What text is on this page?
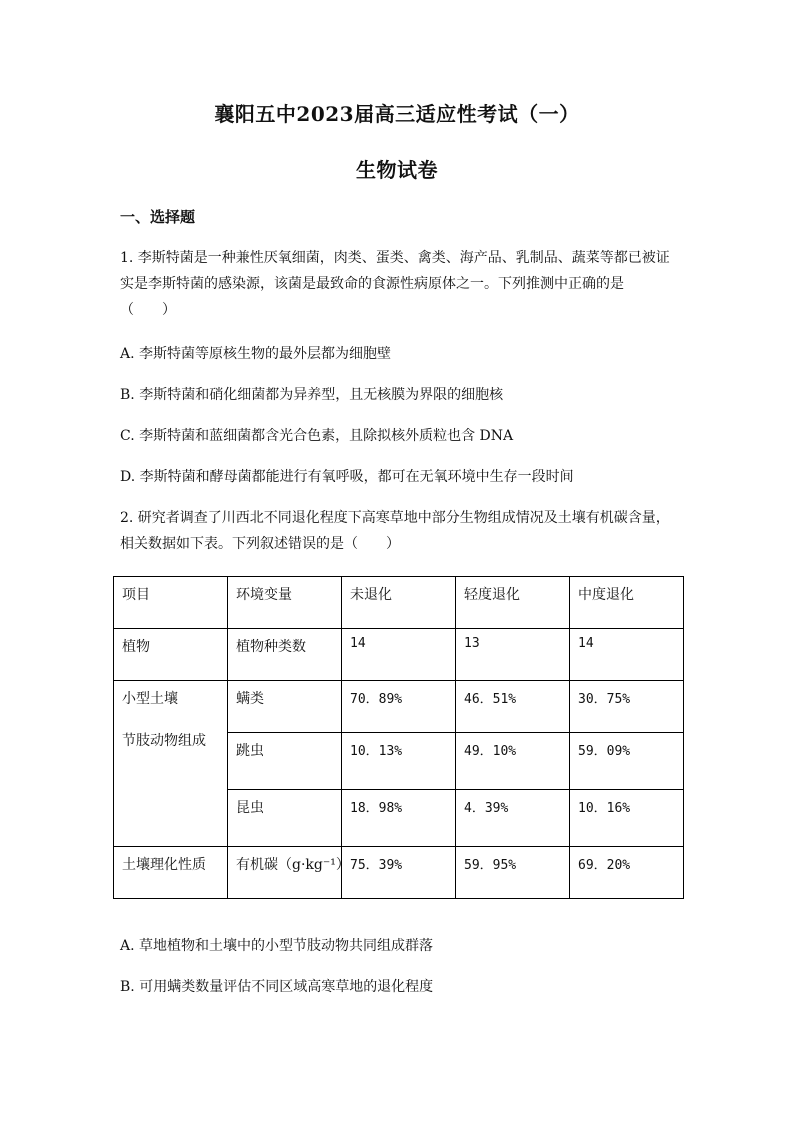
襄阳五中2023届高三适应性考试（一）
生物试卷
一、选择题
1. 李斯特菌是一种兼性厌氧细菌，肉类、蛋类、禽类、海产品、乳制品、蔬菜等都已被证
实是李斯特菌的感染源，该菌是最致命的食源性病原体之一。下列推测中正确的是
（　　）
A. 李斯特菌等原核生物的最外层都为细胞壁
B. 李斯特菌和硝化细菌都为异养型，且无核膜为界限的细胞核
C. 李斯特菌和蓝细菌都含光合色素，且除拟核外质粒也含 DNA
D. 李斯特菌和酵母菌都能进行有氧呼吸，都可在无氧环境中生存一段时间
2. 研究者调查了川西北不同退化程度下高寒草地中部分生物组成情况及土壤有机碳含量，
相关数据如下表。下列叙述错误的是（　　）
项目	环境变量	未退化	轻度退化	中度退化
植物	植物种类数	14	13	14

小型土壤
节肢动物组成	螨类	70．89%	46．51%	30．75%
	跳虫	10．13%	49．10%	59．09%
	昆虫	18．98%	4．39%	10．16%
土壤理化性质	有机碳（g·kg⁻¹）	75．39%	59．95%	69．20%
A. 草地植物和土壤中的小型节肢动物共同组成群落
B. 可用螨类数量评估不同区域高寒草地的退化程度
